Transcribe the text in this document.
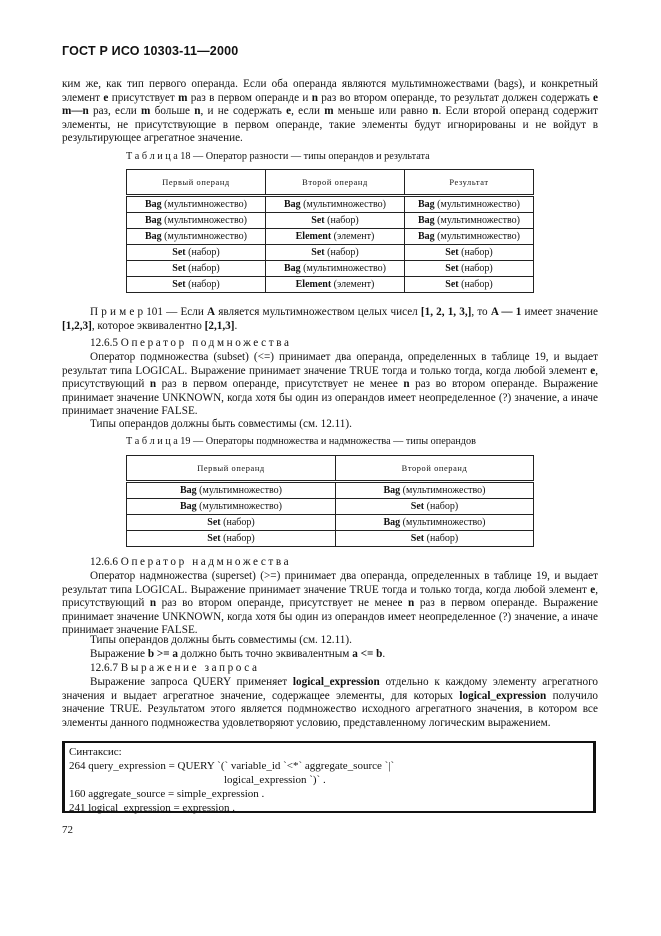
ГОСТ Р ИСО 10303-11—2000
ким же, как тип первого операнда. Если оба операнда являются мультимножествами (bags), и конкретный элемент e присутствует m раз в первом операнде и n раз во втором операнде, то результат должен содержать e m—n раз, если m больше n, и не содержать e, если m меньше или равно n. Если второй операнд содержит элементы, не присутствующие в первом операнде, такие элементы будут игнорированы и не войдут в результирующее агрегатное значение.
Т а б л и ц а 18 — Оператор разности — типы операндов и результата
Первый операнд	Второй операнд	Результат
Bag (мультимножество)	Bag (мультимножество)	Bag (мультимножество)
Bag (мультимножество)	Set (набор)	Bag (мультимножество)
Bag (мультимножество)	Element (элемент)	Bag (мультимножество)
Set (набор)	Set (набор)	Set (набор)
Set (набор)	Bag (мультимножество)	Set (набор)
Set (набор)	Element (элемент)	Set (набор)
П р и м е р 101 — Если A является мультимножеством целых чисел [1, 2, 1, 3,], то A — 1 имеет значение [1,2,3], которое эквивалентно [2,1,3].
12.6.5 Оператор подмножества
Оператор подмножества (subset) (<=) принимает два операнда, определенных в таблице 19, и выдает результат типа LOGICAL. Выражение принимает значение TRUE тогда и только тогда, когда любой элемент e, присутствующий n раз в первом операнде, присутствует не менее n раз во втором операнде. Выражение принимает значение UNKNOWN, когда хотя бы один из операндов имеет неопределенное (?) значение, а иначе принимает значение FALSE.
Типы операндов должны быть совместимы (см. 12.11).
Т а б л и ц а 19 — Операторы подмножества и надмножества — типы операндов
Первый операнд	Второй операнд
Bag (мультимножество)	Bag (мультимножество)
Bag (мультимножество)	Set (набор)
Set (набор)	Bag (мультимножество)
Set (набор)	Set (набор)
12.6.6 Оператор надмножества
Оператор надмножества (superset) (>=) принимает два операнда, определенных в таблице 19, и выдает результат типа LOGICAL. Выражение принимает значение TRUE тогда и только тогда, когда любой элемент e, присутствующий n раз во втором операнде, присутствует не менее n раз в первом операнде. Выражение принимает значение UNKNOWN, когда хотя бы один из операндов имеет неопределенное (?) значение, а иначе принимает значение FALSE.
Типы операндов должны быть совместимы (см. 12.11).
Выражение b >= a должно быть точно эквивалентным a <= b.
12.6.7 Выражение запроса
Выражение запроса QUERY применяет logical_expression отдельно к каждому элементу агрегатного значения и выдает агрегатное значение, содержащее элементы, для которых logical_expression получило значение TRUE. Результатом этого является подмножество исходного агрегатного значения, в котором все элементы данного подмножества удовлетворяют условию, представленному логическим выражением.
Синтаксис:
264 query_expression = QUERY `(` variable_id `<*` aggregate_source `|`
logical_expression `)` .
160 aggregate_source = simple_expression .
241 logical_expression = expression .
72
